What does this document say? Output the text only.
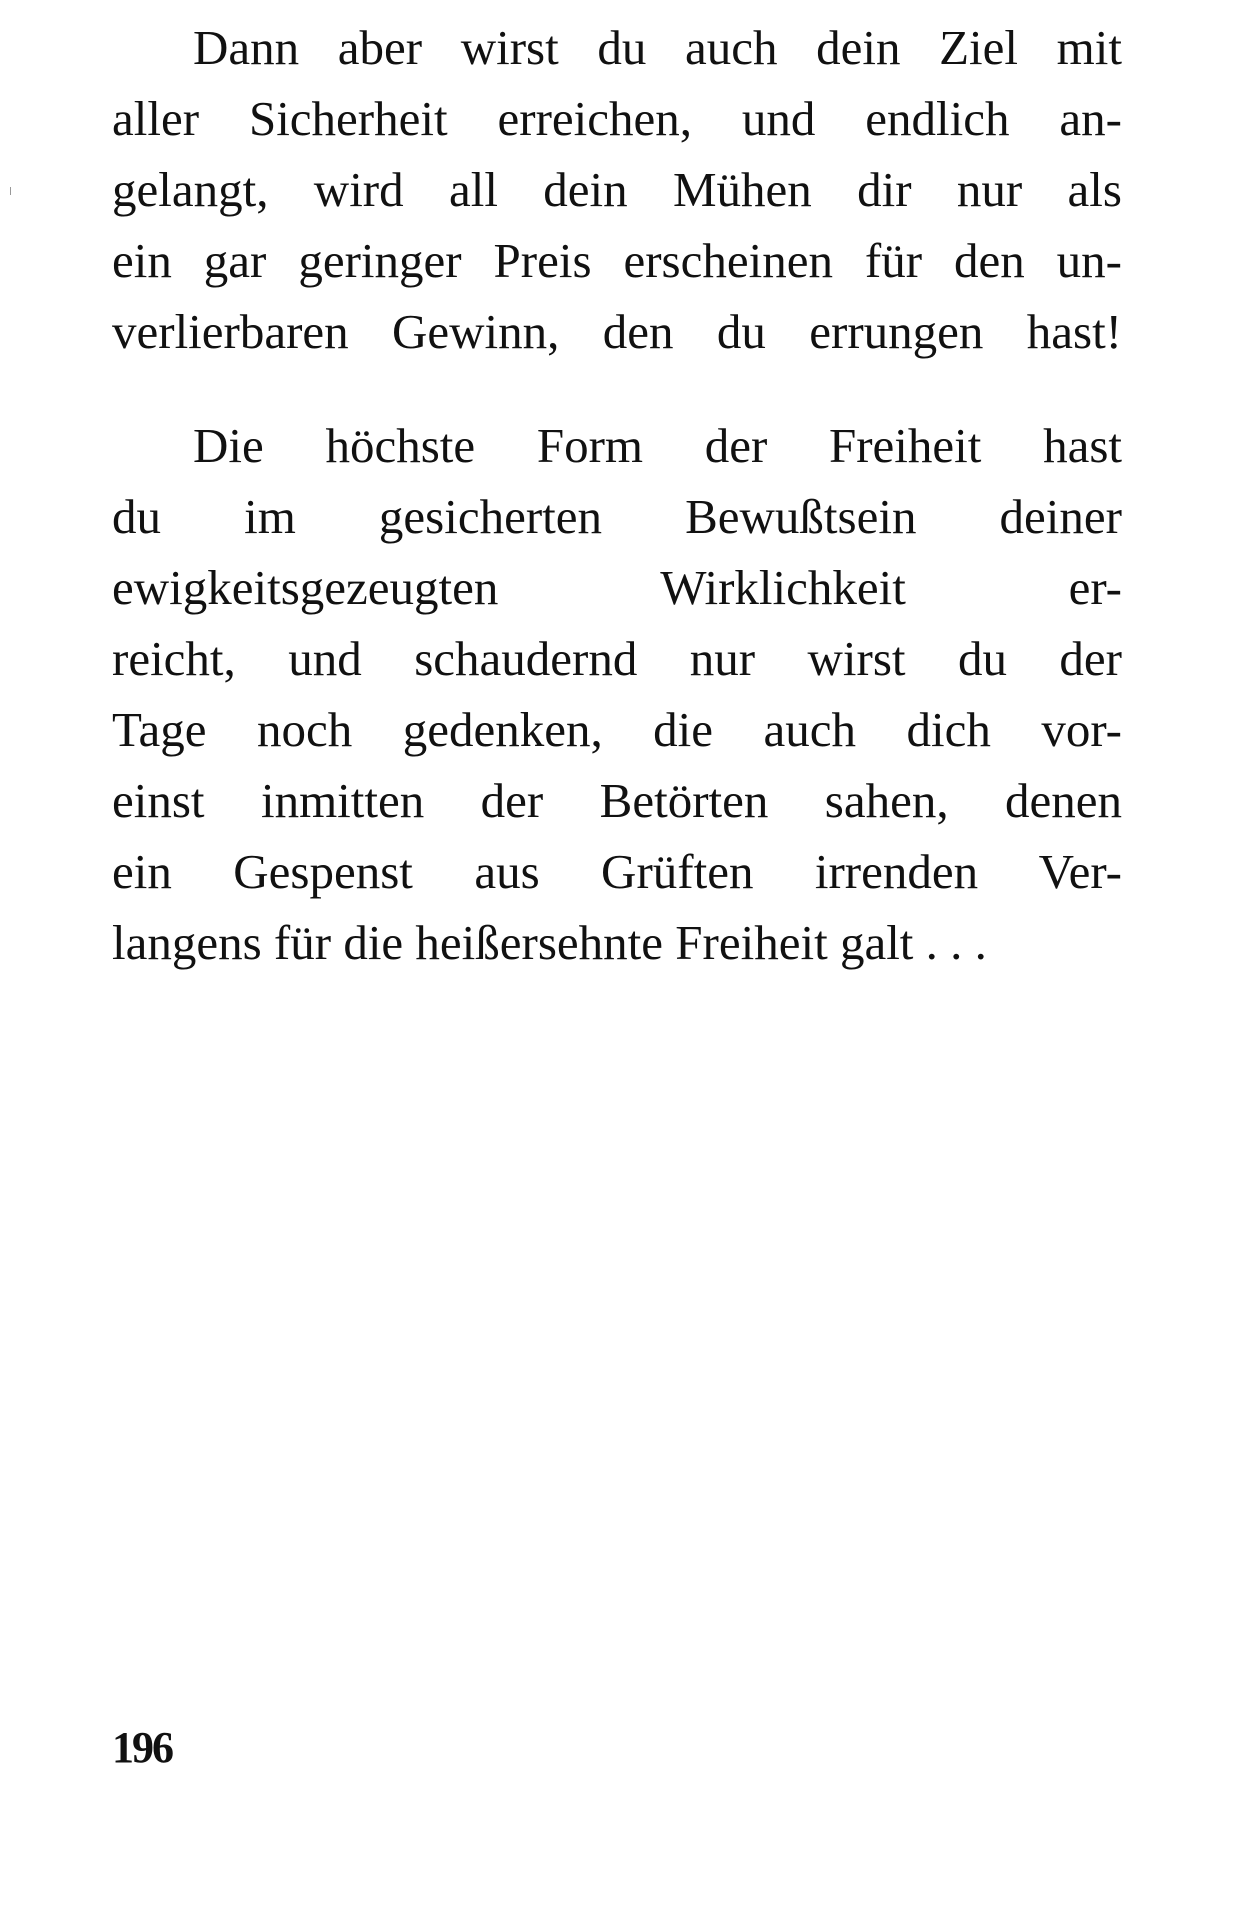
Dann aber wirst du auch dein Ziel mit
aller Sicherheit erreichen, und endlich an-
gelangt, wird all dein Mühen dir nur als
ein gar geringer Preis erscheinen für den un-
verlierbaren Gewinn, den du errungen hast!
Die höchste Form der Freiheit hast
du im gesicherten Bewußtsein deiner
ewigkeitsgezeugten Wirklichkeit er-
reicht, und schaudernd nur wirst du der
Tage noch gedenken, die auch dich vor-
einst inmitten der Betörten sahen, denen
ein Gespenst aus Grüften irrenden Ver-
langens für die heißersehnte Freiheit galt . . .
196
